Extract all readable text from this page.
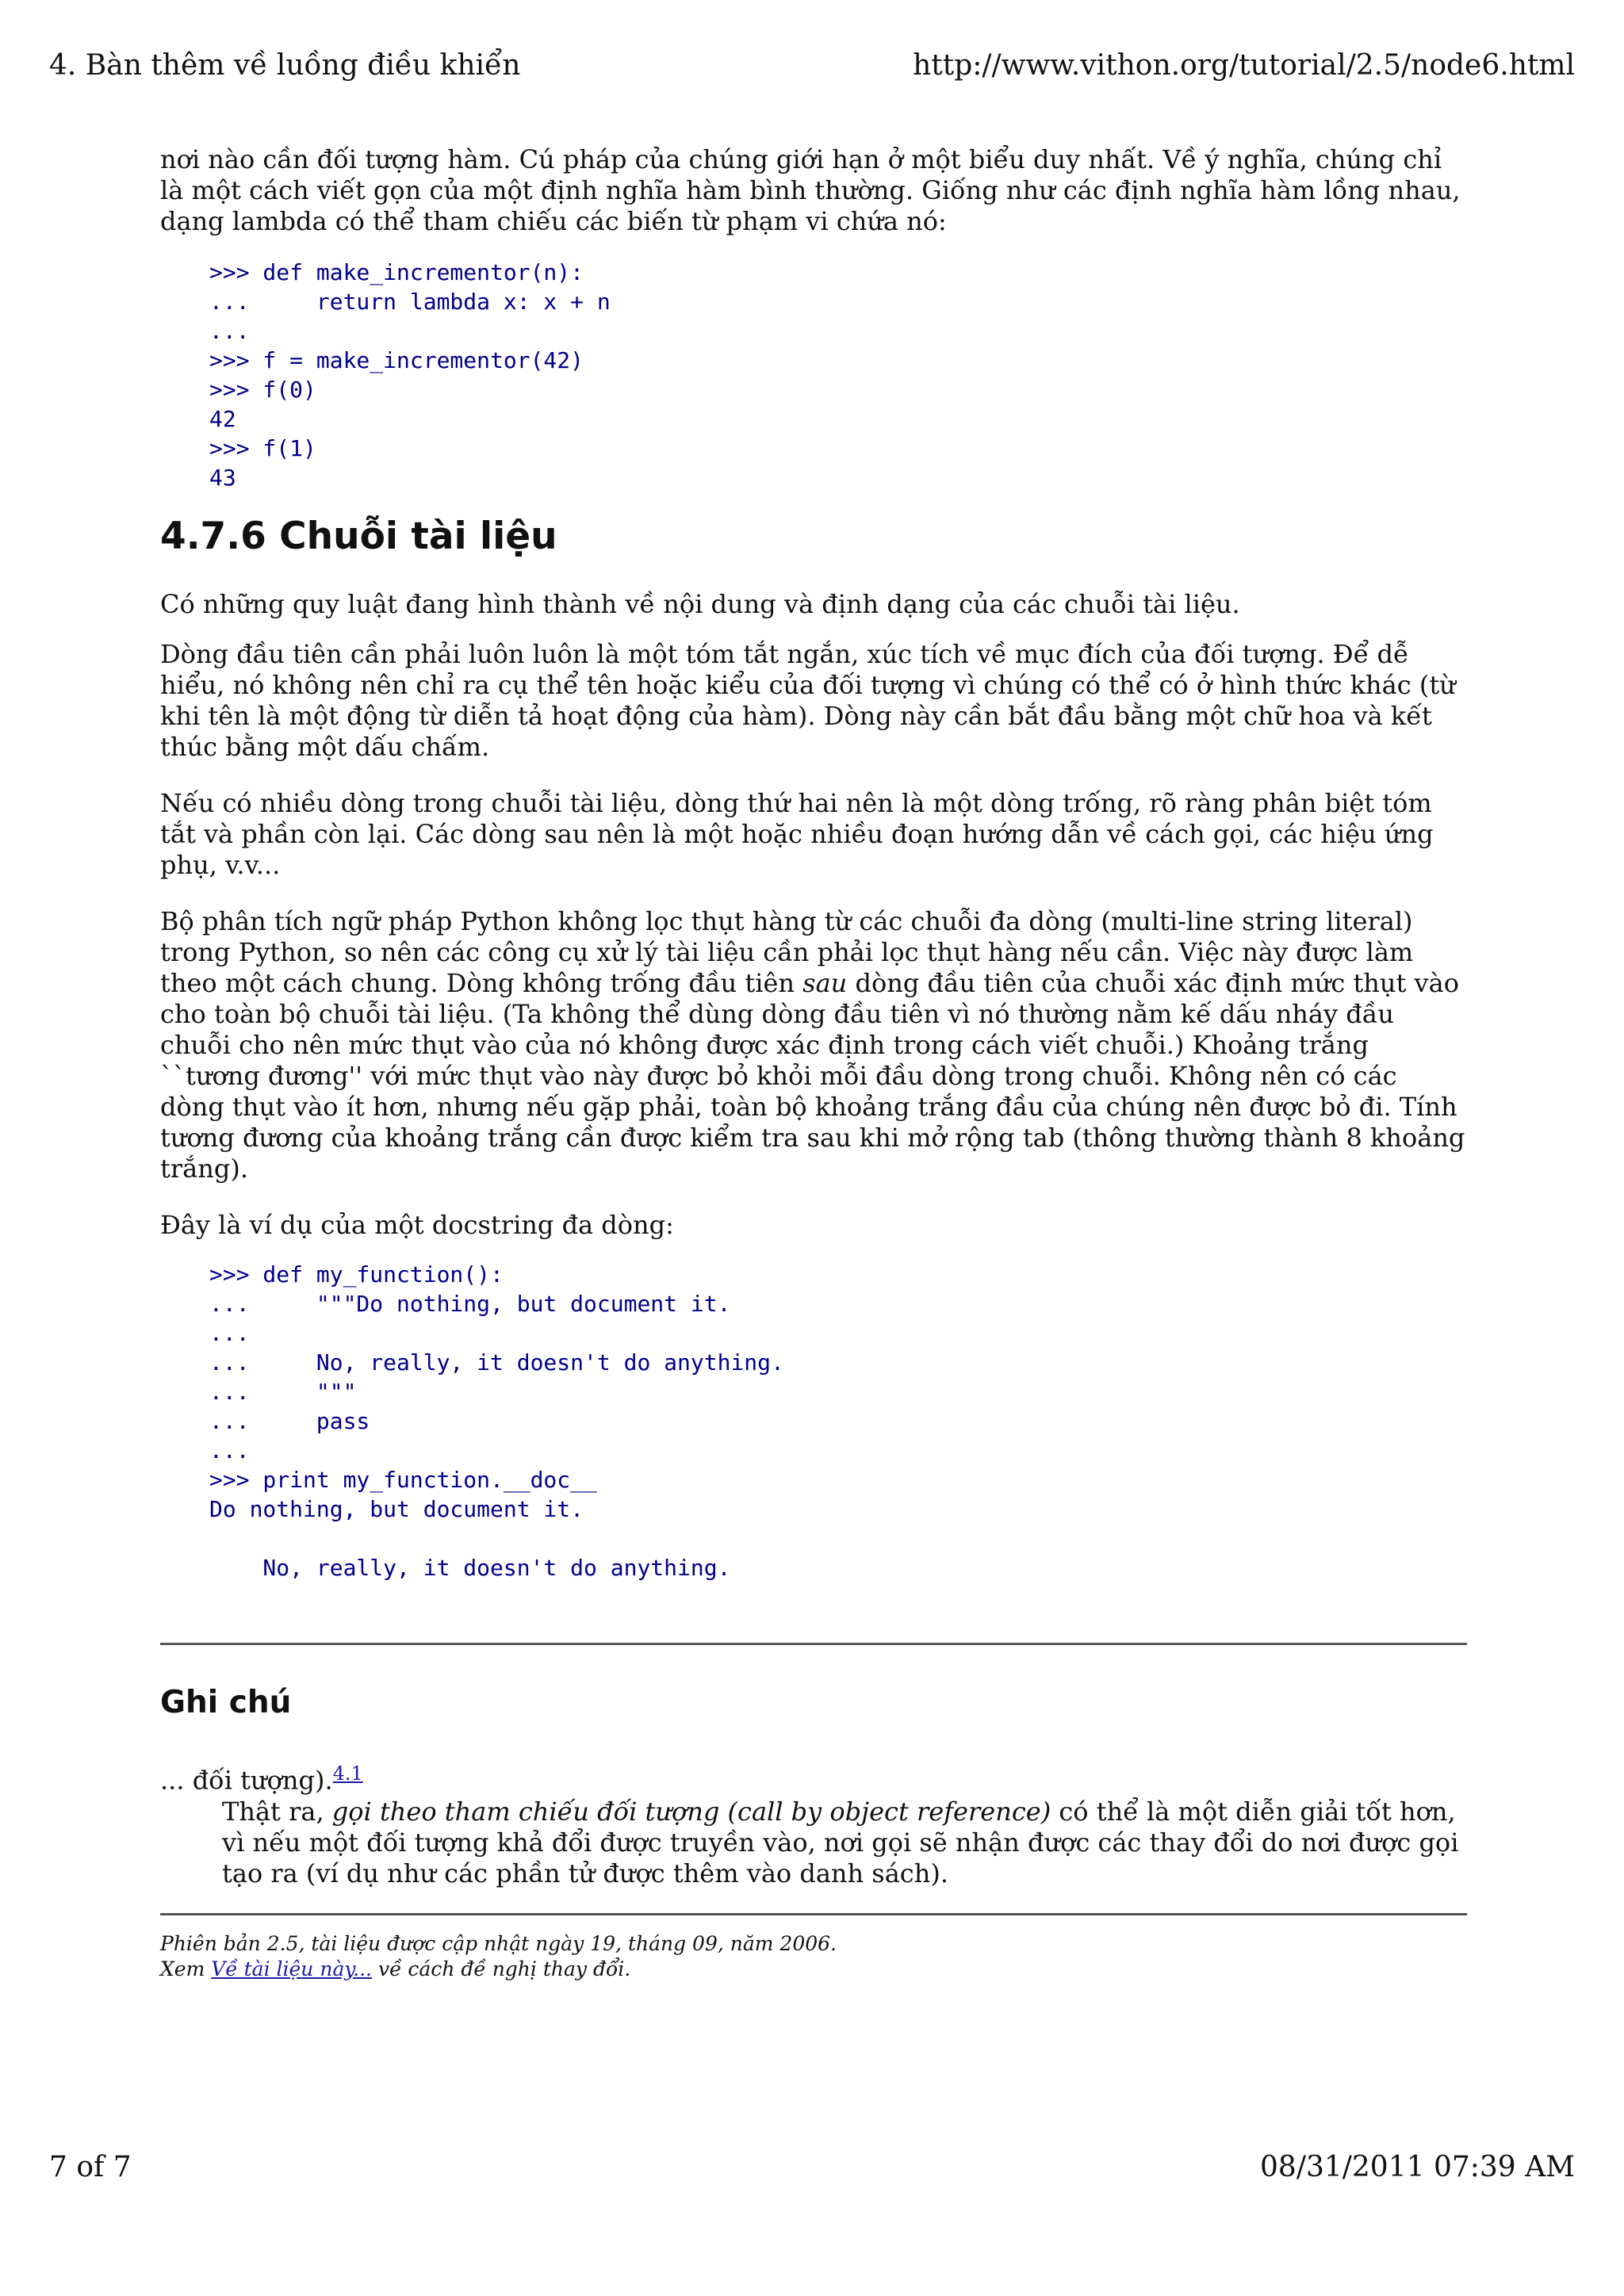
4. Bàn thêm về luồng điều khiển	http://www.vithon.org/tutorial/2.5/node6.html

nơi nào cần đối tượng hàm. Cú pháp của chúng giới hạn ở một biểu duy nhất. Về ý nghĩa, chúng chỉ là một cách viết gọn của một định nghĩa hàm bình thường. Giống như các định nghĩa hàm lồng nhau, dạng lambda có thể tham chiếu các biến từ phạm vi chứa nó:

>>> def make_incrementor(n):
...     return lambda x: x + n
...
>>> f = make_incrementor(42)
>>> f(0)
42
>>> f(1)
43
4.7.6 Chuỗi tài liệu

Có những quy luật đang hình thành về nội dung và định dạng của các chuỗi tài liệu.

Dòng đầu tiên cần phải luôn luôn là một tóm tắt ngắn, xúc tích về mục đích của đối tượng. Để dễ hiểu, nó không nên chỉ ra cụ thể tên hoặc kiểu của đối tượng vì chúng có thể có ở hình thức khác (từ khi tên là một động từ diễn tả hoạt động của hàm). Dòng này cần bắt đầu bằng một chữ hoa và kết thúc bằng một dấu chấm.

Nếu có nhiều dòng trong chuỗi tài liệu, dòng thứ hai nên là một dòng trống, rõ ràng phân biệt tóm tắt và phần còn lại. Các dòng sau nên là một hoặc nhiều đoạn hướng dẫn về cách gọi, các hiệu ứng phụ, v.v...

Bộ phân tích ngữ pháp Python không lọc thụt hàng từ các chuỗi đa dòng (multi-line string literal) trong Python, so nên các công cụ xử lý tài liệu cần phải lọc thụt hàng nếu cần. Việc này được làm theo một cách chung. Dòng không trống đầu tiên sau dòng đầu tiên của chuỗi xác định mức thụt vào cho toàn bộ chuỗi tài liệu. (Ta không thể dùng dòng đầu tiên vì nó thường nằm kế dấu nháy đầu chuỗi cho nên mức thụt vào của nó không được xác định trong cách viết chuỗi.) Khoảng trắng ``tương đương'' với mức thụt vào này được bỏ khỏi mỗi đầu dòng trong chuỗi. Không nên có các dòng thụt vào ít hơn, nhưng nếu gặp phải, toàn bộ khoảng trắng đầu của chúng nên được bỏ đi. Tính tương đương của khoảng trắng cần được kiểm tra sau khi mở rộng tab (thông thường thành 8 khoảng trắng).

Đây là ví dụ của một docstring đa dòng:

>>> def my_function():
...     """Do nothing, but document it.
...
...     No, really, it doesn't do anything.
...     """
...     pass
...
>>> print my_function.__doc__
Do nothing, but document it.

No, really, it doesn't do anything.
Ghi chú
... đối tượng).$^{4.1}$
Thật ra, gọi theo tham chiếu đối tượng (call by object reference) có thể là một diễn giải tốt hơn, vì nếu một đối tượng khả đổi được truyền vào, nơi gọi sẽ nhận được các thay đổi do nơi được gọi tạo ra (ví dụ như các phần tử được thêm vào danh sách).
Phiên bản 2.5, tài liệu được cập nhật ngày 19, tháng 09, năm 2006.
Xem Về tài liệu này... về cách đề nghị thay đổi.
7 of 7	08/31/2011 07:39 AM
